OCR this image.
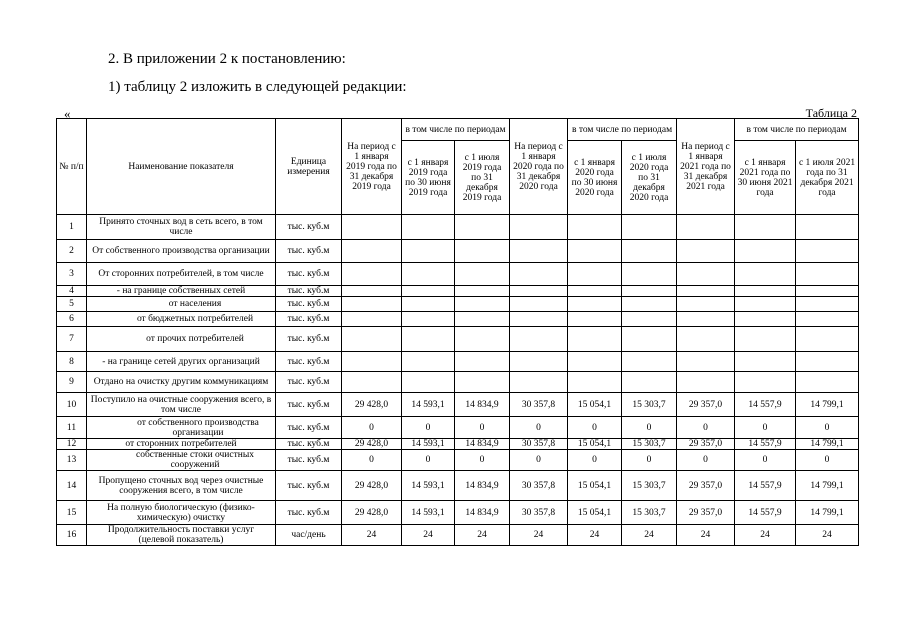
2. В приложении 2 к постановлению:
1) таблицу 2 изложить в следующей редакции:
«	Таблица 2
№ п/п	Наименование показателя	Единица измерения	На период с 1 января 2019 года по 31 декабря 2019 года	в том числе по периодам		На период с 1 января 2020 года по 31 декабря 2020 года	в том числе по периодам		На период с 1 января 2021 года по 31 декабря 2021 года	в том числе по периодам	
				с 1 января 2019 года по 30 июня 2019 года	с 1 июля 2019 года по 31 декабря 2019 года		с 1 января 2020 года по 30 июня 2020 года	с 1 июля 2020 года по 31 декабря 2020 года		с 1 января 2021 года по 30 июня 2021 года	с 1 июля 2021 года по 31 декабря 2021 года
1	Принято сточных вод в сеть всего, в том числе	тыс. куб.м									
2	От собственного производства организации	тыс. куб.м									
3	От сторонних потребителей, в том числе	тыс. куб.м									
4	- на границе собственных сетей	тыс. куб.м									
5	от населения	тыс. куб.м									
6	от бюджетных потребителей	тыс. куб.м									
7	от прочих потребителей	тыс. куб.м									
8	- на границе сетей других организаций	тыс. куб.м									
9	Отдано на очистку другим коммуникациям	тыс. куб.м									
10	Поступило на очистные сооружения всего, в том числе	тыс. куб.м	29 428,0	14 593,1	14 834,9	30 357,8	15 054,1	15 303,7	29 357,0	14 557,9	14 799,1
11	от собственного производства организации	тыс. куб.м	0	0	0	0	0	0	0	0	0
12	от сторонних потребителей	тыс. куб.м	29 428,0	14 593,1	14 834,9	30 357,8	15 054,1	15 303,7	29 357,0	14 557,9	14 799,1
13	собственные стоки очистных сооружений	тыс. куб.м	0	0	0	0	0	0	0	0	0
14	Пропущено сточных вод через очистные сооружения всего, в том числе	тыс. куб.м	29 428,0	14 593,1	14 834,9	30 357,8	15 054,1	15 303,7	29 357,0	14 557,9	14 799,1
15	На полную биологическую (физико-химическую) очистку	тыс. куб.м	29 428,0	14 593,1	14 834,9	30 357,8	15 054,1	15 303,7	29 357,0	14 557,9	14 799,1
16	Продолжительность поставки услуг (целевой показатель)	час/день	24	24	24	24	24	24	24	24	24
